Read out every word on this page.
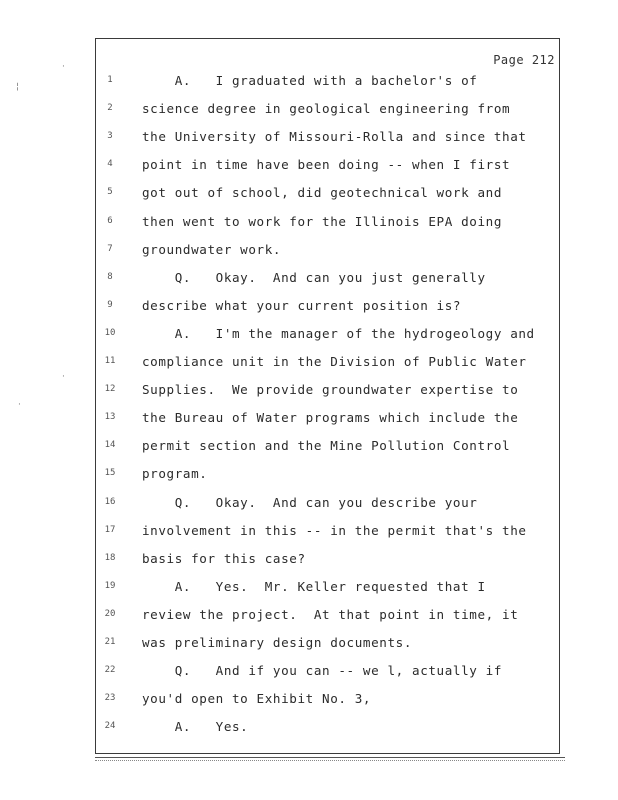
·
¦
·
·
Page 212
1	A.   I graduated with a bachelor's of
2	science degree in geological engineering from
3	the University of Missouri-Rolla and since that
4	point in time have been doing -- when I first
5	got out of school, did geotechnical work and
6	then went to work for the Illinois EPA doing
7	groundwater work.
8	Q.   Okay.  And can you just generally
9	describe what your current position is?
10 A.   I'm the manager of the hydrogeology and
11 compliance unit in the Division of Public Water
12 Supplies.  We provide groundwater expertise to
13 the Bureau of Water programs which include the
14 permit section and the Mine Pollution Control
15 program.
16 Q.   Okay.  And can you describe your
17 involvement in this -- in the permit that's the
18 basis for this case?
19 A.   Yes.  Mr. Keller requested that I
20 review the project.  At that point in time, it
21 was preliminary design documents.
22 Q.   And if you can -- we l, actually if
23 you'd open to Exhibit No. 3,
24 A.   Yes.
